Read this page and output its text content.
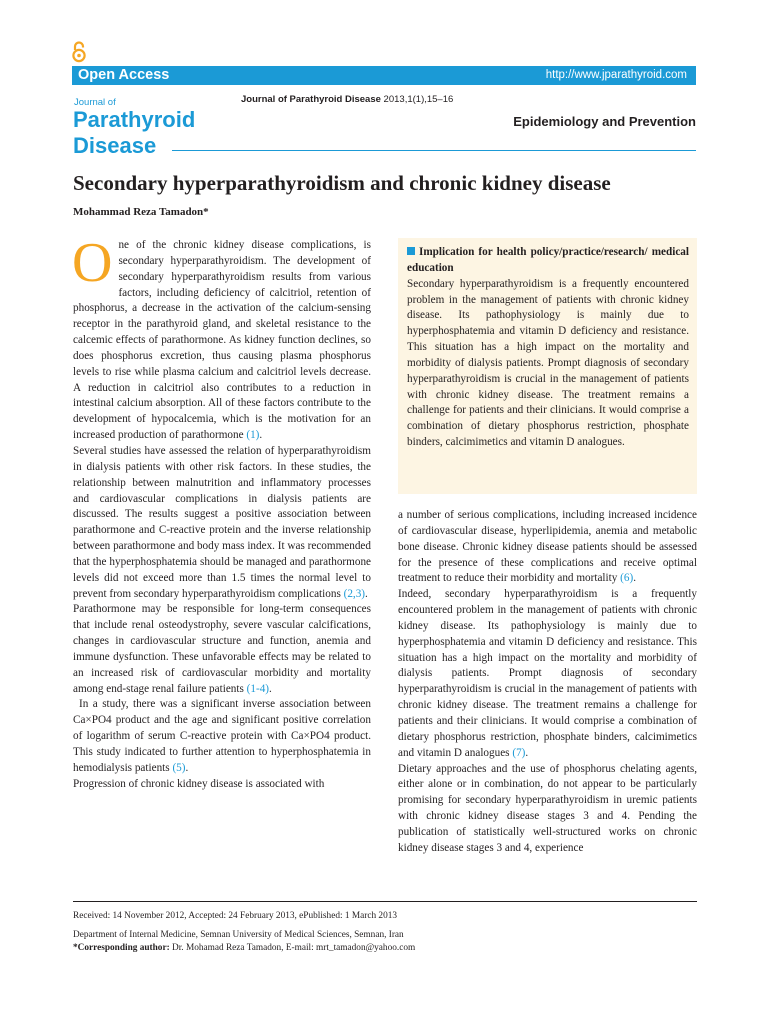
Open Access	http://www.jparathyroid.com
Journal of
Parathyroid
Disease
Journal of Parathyroid Disease 2013,1(1),15–16
Epidemiology and Prevention
Secondary hyperparathyroidism and chronic kidney disease
Mohammad Reza Tamadon*

One of the chronic kidney disease complications, is secondary hyperparathyroidism. The development of secondary hyperparathyroidism results from various factors, including deficiency of calcitriol, retention of phosphorus, a decrease in the activation of the calcium-sensing receptor in the parathyroid gland, and skeletal resistance to the calcemic effects of parathormone. As kidney function declines, so does phosphorus excretion, thus causing plasma phosphorus levels to rise while plasma calcium and calcitriol levels decrease. A reduction in calcitriol also contributes to a reduction in intestinal calcium absorption. All of these factors contribute to the development of hypocalcemia, which is the motivation for an increased production of parathormone (1).

Several studies have assessed the relation of hyperparathyroidism in dialysis patients with other risk factors. In these studies, the relationship between malnutrition and inflammatory processes and cardiovascular complications in dialysis patients are discussed. The results suggest a positive association between parathormone and C-reactive protein and the inverse relationship between parathormone and body mass index. It was recommended that the hyperphosphatemia should be managed and parathormone levels did not exceed more than 1.5 times the normal level to prevent from secondary hyperparathyroidism complications (2,3).

Parathormone may be responsible for long-term consequences that include renal osteodystrophy, severe vascular calcifications, changes in cardiovascular structure and function, anemia and immune dysfunction. These unfavorable effects may be related to an increased risk of cardiovascular morbidity and mortality among end-stage renal failure patients (1-4).

In a study, there was a significant inverse association between Ca×PO4 product and the age and significant positive correlation of logarithm of serum C-reactive protein with Ca×PO4 product. This study indicated to further attention to hyperphosphatemia in hemodialysis patients (5).

Progression of chronic kidney disease is associated with

Implication for health policy/practice/research/ medical education
Secondary hyperparathyroidism is a frequently encountered problem in the management of patients with chronic kidney disease. Its pathophysiology is mainly due to hyperphosphatemia and vitamin D deficiency and resistance. This situation has a high impact on the mortality and morbidity of dialysis patients. Prompt diagnosis of secondary hyperparathyroidism is crucial in the management of patients with chronic kidney disease. The treatment remains a challenge for patients and their clinicians. It would comprise a combination of dietary phosphorus restriction, phosphate binders, calcimimetics and vitamin D analogues.

a number of serious complications, including increased incidence of cardiovascular disease, hyperlipidemia, anemia and metabolic bone disease. Chronic kidney disease patients should be assessed for the presence of these complications and receive optimal treatment to reduce their morbidity and mortality (6).

Indeed, secondary hyperparathyroidism is a frequently encountered problem in the management of patients with chronic kidney disease. Its pathophysiology is mainly due to hyperphosphatemia and vitamin D deficiency and resistance. This situation has a high impact on the mortality and morbidity of dialysis patients. Prompt diagnosis of secondary hyperparathyroidism is crucial in the management of patients with chronic kidney disease. The treatment remains a challenge for patients and their clinicians. It would comprise a combination of dietary phosphorus restriction, phosphate binders, calcimimetics and vitamin D analogues (7).

Dietary approaches and the use of phosphorus chelating agents, either alone or in combination, do not appear to be particularly promising for secondary hyperparathyroidism in uremic patients with chronic kidney disease stages 3 and 4. Pending the publication of statistically well-structured works on chronic kidney disease stages 3 and 4, experience

Received: 14 November 2012, Accepted: 24 February 2013, ePublished: 1 March 2013

Department of Internal Medicine, Semnan University of Medical Sciences, Semnan, Iran

*Corresponding author: Dr. Mohamad Reza Tamadon, E-mail: mrt_tamadon@yahoo.com
